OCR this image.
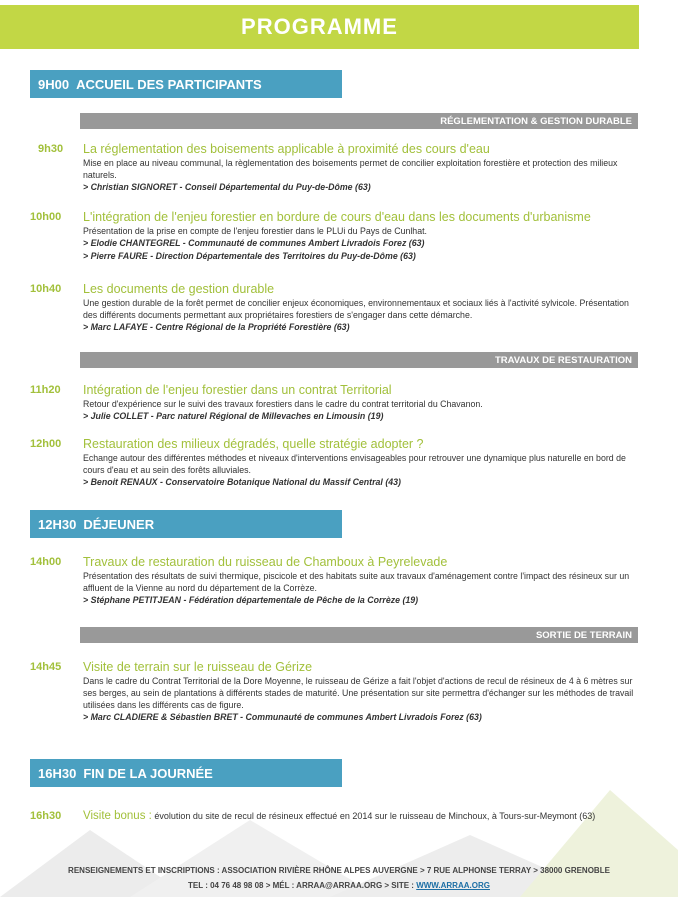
PROGRAMME
9H00 ACCUEIL DES PARTICIPANTS
RÉGLEMENTATION & GESTION DURABLE
9h30	La réglementation des boisements applicable à proximité des cours d'eau
Mise en place au niveau communal, la règlementation des boisements permet de concilier exploitation forestière et protection des milieux naturels.
> Christian SIGNORET - Conseil Départemental du Puy-de-Dôme (63)
10h00	L'intégration de l'enjeu forestier en bordure de cours d'eau dans les documents d'urbanisme
Présentation de la prise en compte de l'enjeu forestier dans le PLUi du Pays de Cunlhat.
> Elodie CHANTEGREL - Communauté de communes Ambert Livradois Forez (63)
> Pierre FAURE - Direction Départementale des Territoires du Puy-de-Dôme (63)
10h40	Les documents de gestion durable
Une gestion durable de la forêt permet de concilier enjeux économiques, environnementaux et sociaux liés à l'activité sylvicole. Présentation des différents documents permettant aux propriétaires forestiers de s'engager dans cette démarche.
> Marc LAFAYE - Centre Régional de la Propriété Forestière (63)
TRAVAUX DE RESTAURATION
11h20	Intégration de l'enjeu forestier dans un contrat Territorial
Retour d'expérience sur le suivi des travaux forestiers dans le cadre du contrat territorial du Chavanon.
> Julie COLLET - Parc naturel Régional de Millevaches en Limousin (19)
12h00	Restauration des milieux dégradés, quelle stratégie adopter ?
Echange autour des différentes méthodes et niveaux d'interventions envisageables pour retrouver une dynamique plus naturelle en bord de cours d'eau et au sein des forêts alluviales.
> Benoit RENAUX - Conservatoire Botanique National du Massif Central (43)
12H30 DÉJEUNER
14h00	Travaux de restauration du ruisseau de Chamboux à Peyrelevade
Présentation des résultats de suivi thermique, piscicole et des habitats suite aux travaux d'aménagement contre l'impact des résineux sur un affluent de la Vienne au nord du département de la Corrèze.
> Stéphane PETITJEAN - Fédération départementale de Pêche de la Corrèze (19)
SORTIE DE TERRAIN
14h45	Visite de terrain sur le ruisseau de Gérize
Dans le cadre du Contrat Territorial de la Dore Moyenne, le ruisseau de Gérize a fait l'objet d'actions de recul de résineux de 4 à 6 mètres sur ses berges, au sein de plantations à différents stades de maturité. Une présentation sur site permettra d'échanger sur les méthodes de travail utilisées dans les différents cas de figure.
> Marc CLADIERE & Sébastien BRET - Communauté de communes Ambert Livradois Forez (63)
16H30 FIN DE LA JOURNÉE
16h30	Visite bonus : évolution du site de recul de résineux effectué en 2014 sur le ruisseau de Minchoux, à Tours-sur-Meymont (63)
RENSEIGNEMENTS ET INSCRIPTIONS : ASSOCIATION RIVIÈRE RHÔNE ALPES AUVERGNE > 7 RUE ALPHONSE TERRAY > 38000 GRENOBLE
TEL : 04 76 48 98 08 > MÉL : ARRAA@ARRAA.ORG > SITE : WWW.ARRAA.ORG
